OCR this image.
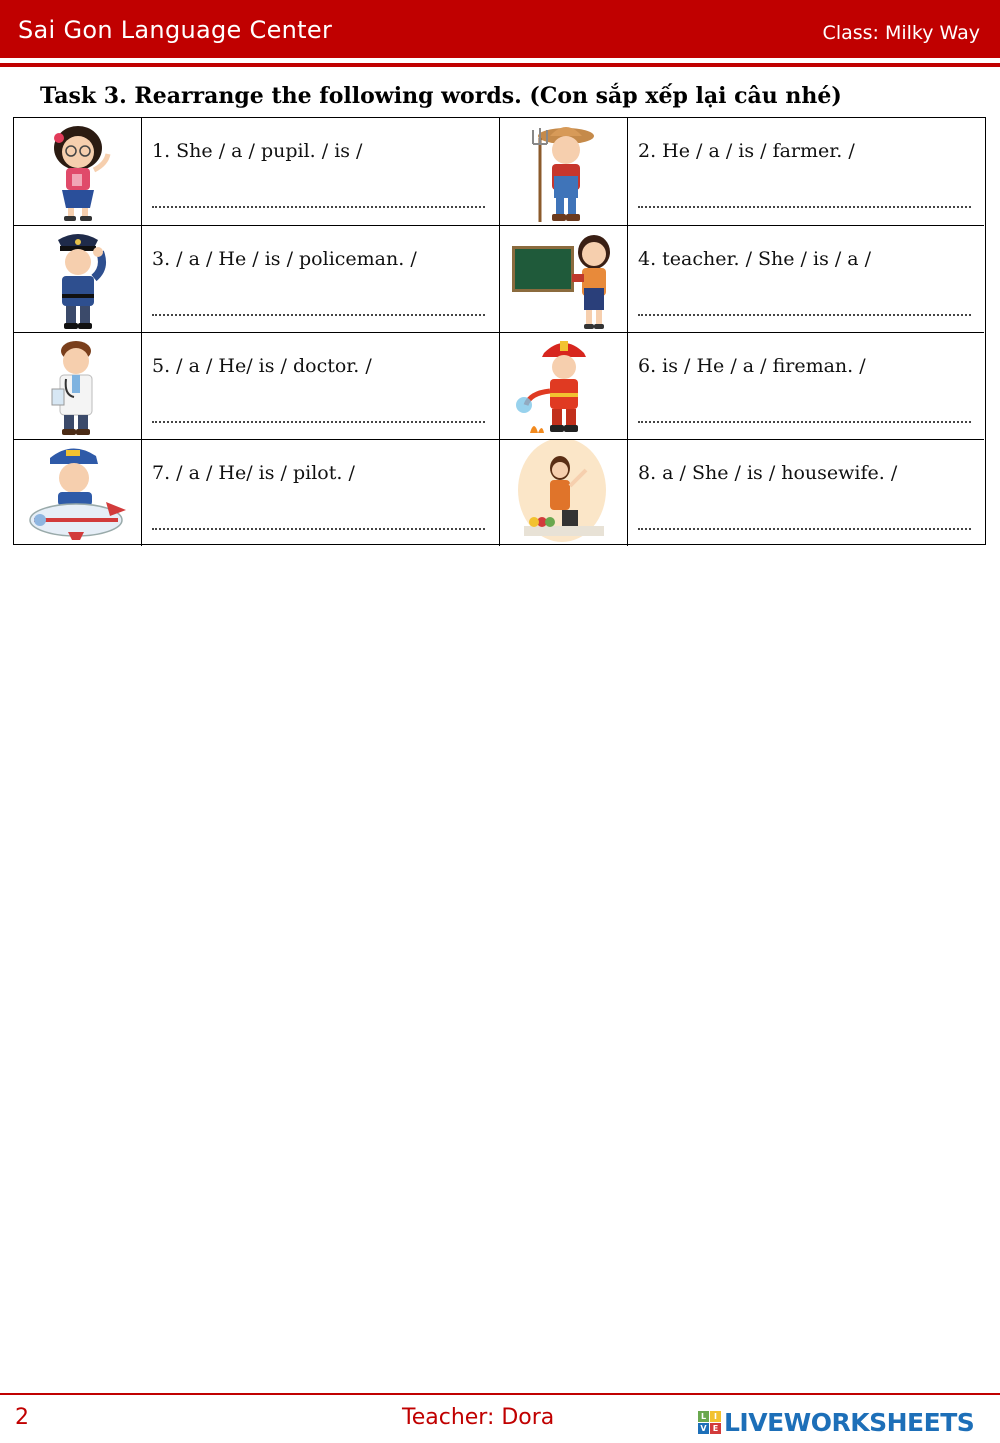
Sai Gon Language Center	Class: Milky Way
Task 3. Rearrange the following words. (Con sắp xếp lại câu nhé)
1. She / a / pupil. / is /	2. He / a / is / farmer. /
3. / a / He / is / policeman. /	4. teacher. / She / is / a /
5. / a / He/ is / doctor. /	6. is / He / a / fireman. /
7. / a / He/ is / pilot. /	8. a / She / is / housewife. /
2	Teacher: Dora	L I
V E LIVEWORKSHEETS
